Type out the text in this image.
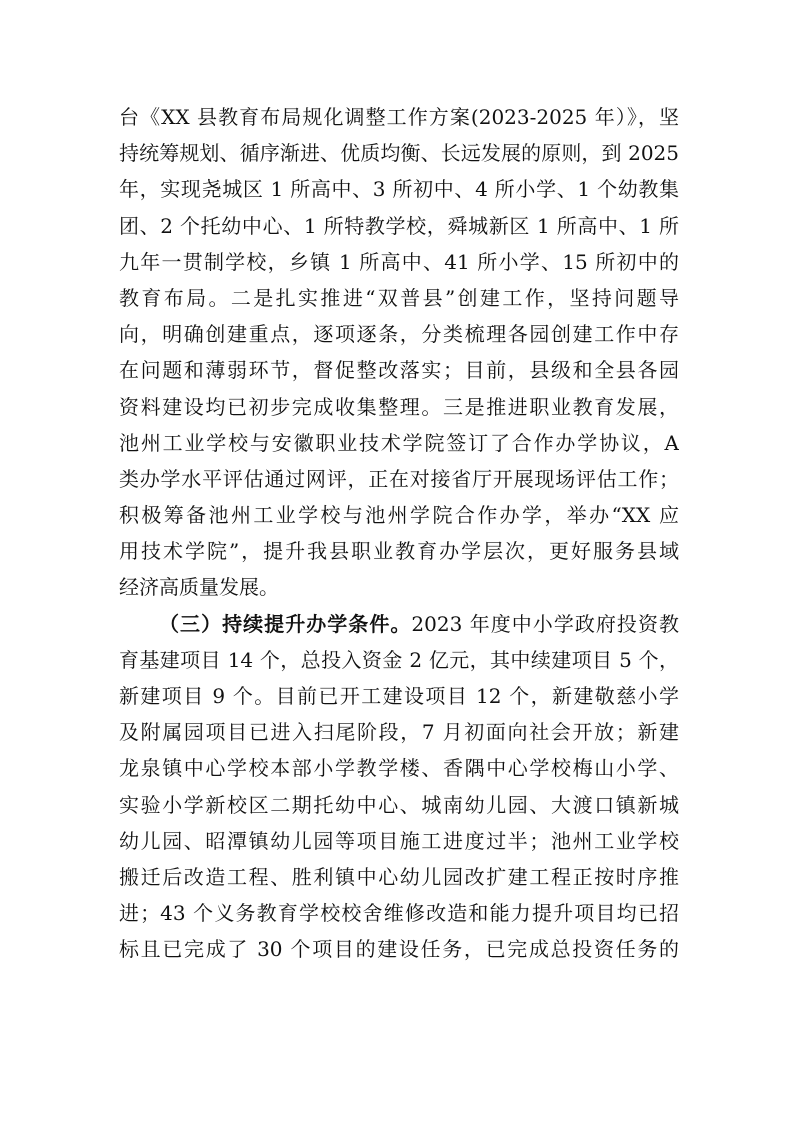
台《XX 县教育布局规化调整工作方案(2023-2025 年）》，坚
持统筹规划、循序渐进、优质均衡、长远发展的原则，到 2025
年，实现尧城区 1 所高中、3 所初中、4 所小学、1 个幼教集
团、2 个托幼中心、1 所特教学校，舜城新区 1 所高中、1 所
九年一贯制学校，乡镇 1 所高中、41 所小学、15 所初中的
教育布局。二是扎实推进“双普县”创建工作，坚持问题导
向，明确创建重点，逐项逐条，分类梳理各园创建工作中存
在问题和薄弱环节，督促整改落实；目前，县级和全县各园
资料建设均已初步完成收集整理。三是推进职业教育发展，
池州工业学校与安徽职业技术学院签订了合作办学协议，A
类办学水平评估通过网评，正在对接省厅开展现场评估工作；
积极筹备池州工业学校与池州学院合作办学，举办“XX 应
用技术学院”，提升我县职业教育办学层次，更好服务县域
经济高质量发展。
（三）持续提升办学条件。2023 年度中小学政府投资教
育基建项目 14 个，总投入资金 2 亿元，其中续建项目 5 个，
新建项目 9 个。目前已开工建设项目 12 个，新建敬慈小学
及附属园项目已进入扫尾阶段，7 月初面向社会开放；新建
龙泉镇中心学校本部小学教学楼、香隅中心学校梅山小学、
实验小学新校区二期托幼中心、城南幼儿园、大渡口镇新城
幼儿园、昭潭镇幼儿园等项目施工进度过半；池州工业学校
搬迁后改造工程、胜利镇中心幼儿园改扩建工程正按时序推
进；43 个义务教育学校校舍维修改造和能力提升项目均已招
标且已完成了 30 个项目的建设任务，已完成总投资任务的
